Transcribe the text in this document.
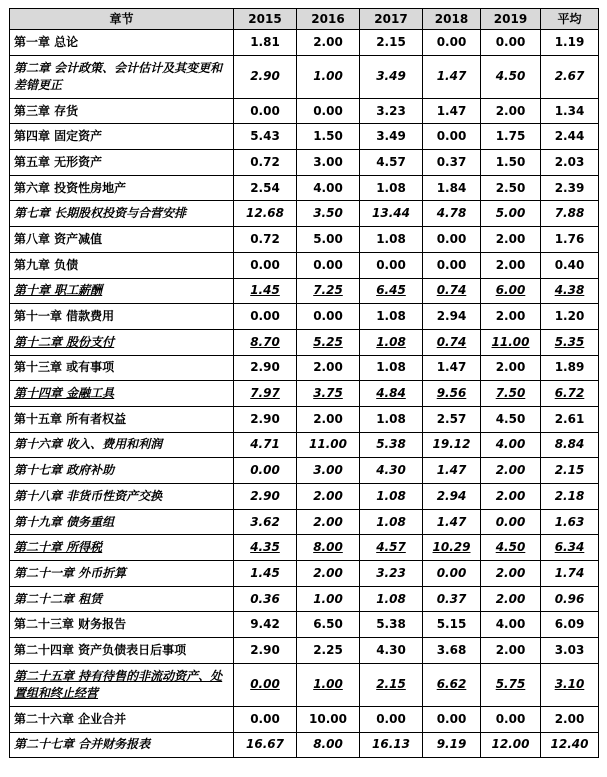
章节	2015	2016	2017	2018	2019	平均
第一章 总论	1.81	2.00	2.15	0.00	0.00	1.19
第二章 会计政策、会计估计及其变更和差错更正	2.90	1.00	3.49	1.47	4.50	2.67
第三章 存货	0.00	0.00	3.23	1.47	2.00	1.34
第四章 固定资产	5.43	1.50	3.49	0.00	1.75	2.44
第五章 无形资产	0.72	3.00	4.57	0.37	1.50	2.03
第六章 投资性房地产	2.54	4.00	1.08	1.84	2.50	2.39
第七章 长期股权投资与合营安排	12.68	3.50	13.44	4.78	5.00	7.88
第八章 资产减值	0.72	5.00	1.08	0.00	2.00	1.76
第九章 负债	0.00	0.00	0.00	0.00	2.00	0.40
第十章 职工薪酬	1.45	7.25	6.45	0.74	6.00	4.38
第十一章 借款费用	0.00	0.00	1.08	2.94	2.00	1.20
第十二章 股份支付	8.70	5.25	1.08	0.74	11.00	5.35
第十三章 或有事项	2.90	2.00	1.08	1.47	2.00	1.89
第十四章 金融工具	7.97	3.75	4.84	9.56	7.50	6.72
第十五章 所有者权益	2.90	2.00	1.08	2.57	4.50	2.61
第十六章 收入、费用和利润	4.71	11.00	5.38	19.12	4.00	8.84
第十七章 政府补助	0.00	3.00	4.30	1.47	2.00	2.15
第十八章 非货币性资产交换	2.90	2.00	1.08	2.94	2.00	2.18
第十九章 债务重组	3.62	2.00	1.08	1.47	0.00	1.63
第二十章 所得税	4.35	8.00	4.57	10.29	4.50	6.34
第二十一章 外币折算	1.45	2.00	3.23	0.00	2.00	1.74
第二十二章 租赁	0.36	1.00	1.08	0.37	2.00	0.96
第二十三章 财务报告	9.42	6.50	5.38	5.15	4.00	6.09
第二十四章 资产负债表日后事项	2.90	2.25	4.30	3.68	2.00	3.03
第二十五章 持有待售的非流动资产、处置组和终止经营	0.00	1.00	2.15	6.62	5.75	3.10
第二十六章 企业合并	0.00	10.00	0.00	0.00	0.00	2.00
第二十七章 合并财务报表	16.67	8.00	16.13	9.19	12.00	12.40
